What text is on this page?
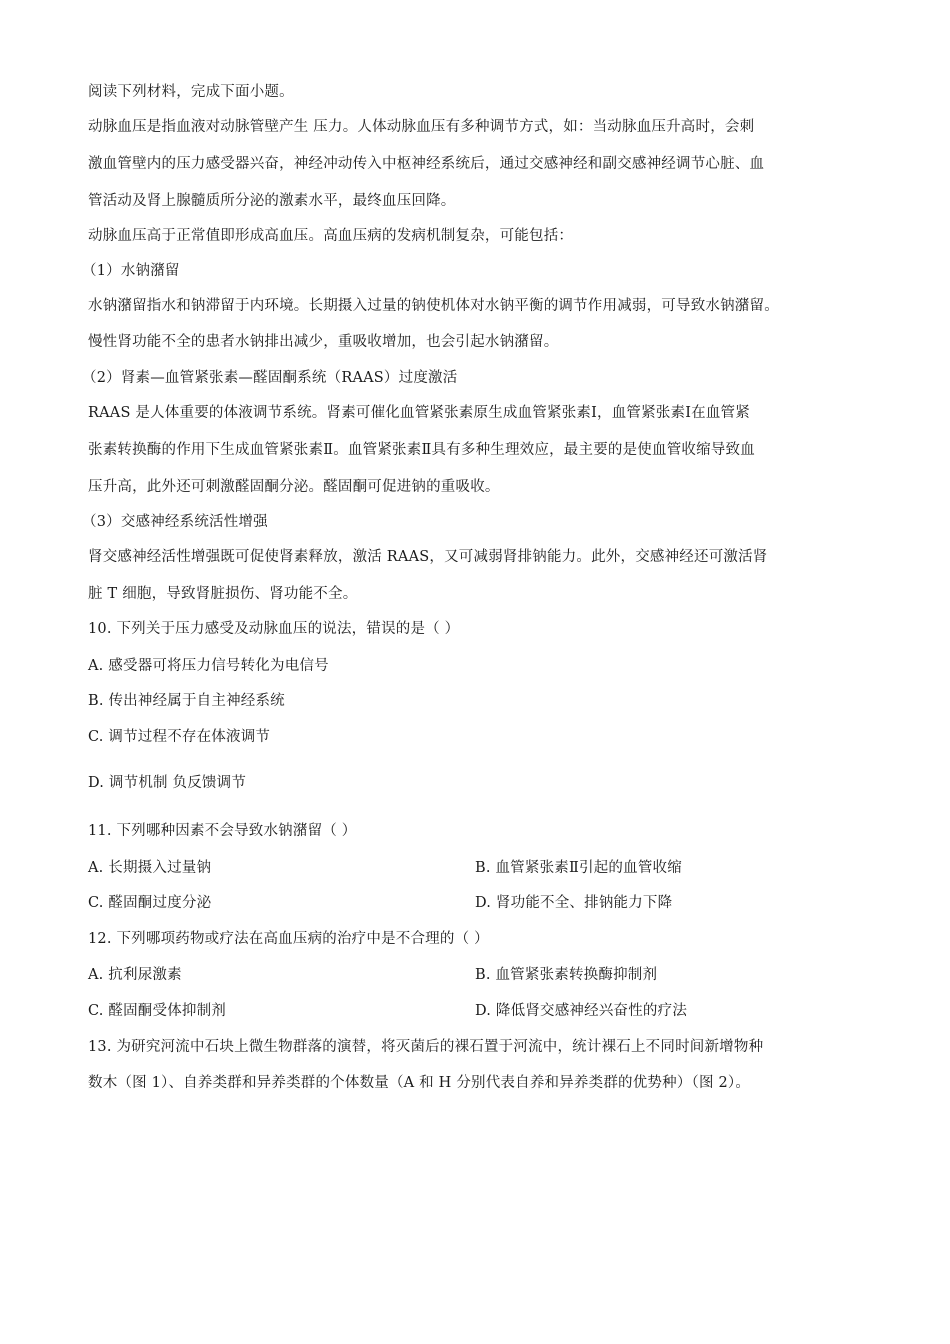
阅读下列材料，完成下面小题。
动脉血压是指血液对动脉管壁产生 压力。人体动脉血压有多种调节方式，如：当动脉血压升高时，会刺
激血管壁内的压力感受器兴奋，神经冲动传入中枢神经系统后，通过交感神经和副交感神经调节心脏、血
管活动及肾上腺髓质所分泌的激素水平，最终血压回降。
动脉血压高于正常值即形成高血压。高血压病的发病机制复杂，可能包括：
（1）水钠潴留
水钠潴留指水和钠滞留于内环境。长期摄入过量的钠使机体对水钠平衡的调节作用减弱，可导致水钠潴留。
慢性肾功能不全的患者水钠排出减少，重吸收增加，也会引起水钠潴留。
（2）肾素—血管紧张素—醛固酮系统（RAAS）过度激活
RAAS 是人体重要的体液调节系统。肾素可催化血管紧张素原生成血管紧张素Ⅰ，血管紧张素Ⅰ在血管紧
张素转换酶的作用下生成血管紧张素Ⅱ。血管紧张素Ⅱ具有多种生理效应，最主要的是使血管收缩导致血
压升高，此外还可刺激醛固酮分泌。醛固酮可促进钠的重吸收。
（3）交感神经系统活性增强
肾交感神经活性增强既可促使肾素释放，激活 RAAS，又可减弱肾排钠能力。此外，交感神经还可激活肾
脏 T 细胞，导致肾脏损伤、肾功能不全。
10. 下列关于压力感受及动脉血压的说法，错误的是（ ）
A. 感受器可将压力信号转化为电信号
B. 传出神经属于自主神经系统
C. 调节过程不存在体液调节
D. 调节机制 负反馈调节
11. 下列哪种因素不会导致水钠潴留（ ）
A. 长期摄入过量钠	B. 血管紧张素Ⅱ引起的血管收缩
C. 醛固酮过度分泌	D. 肾功能不全、排钠能力下降
12. 下列哪项药物或疗法在高血压病的治疗中是不合理的（ ）
A. 抗利尿激素	B. 血管紧张素转换酶抑制剂
C. 醛固酮受体抑制剂	D. 降低肾交感神经兴奋性的疗法
13. 为研究河流中石块上微生物群落的演替，将灭菌后的裸石置于河流中，统计裸石上不同时间新增物种
数木（图 1）、自养类群和异养类群的个体数量（A 和 H 分别代表自养和异养类群的优势种）（图 2）。
